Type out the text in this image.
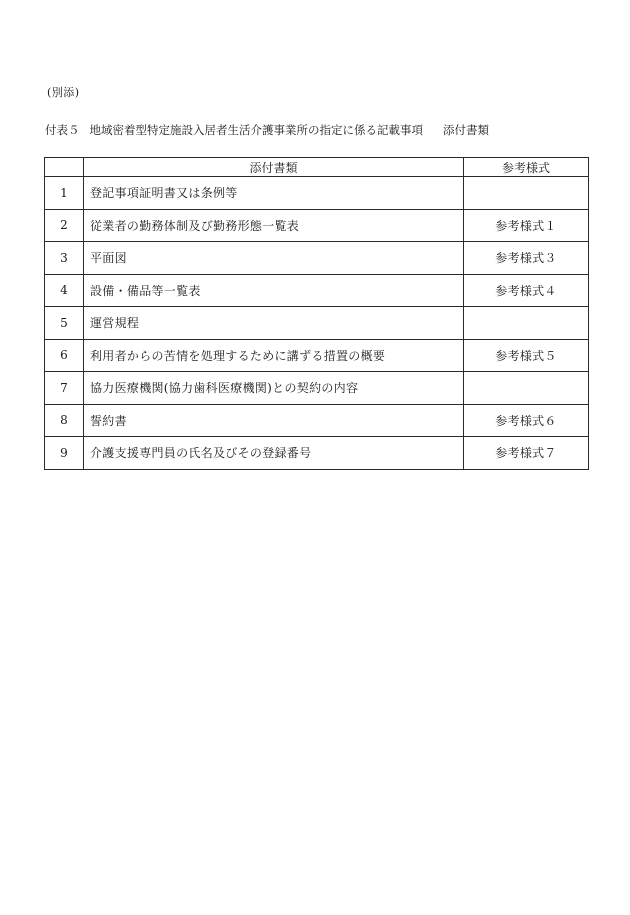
(別添)
付表５ 地域密着型特定施設入居者生活介護事業所の指定に係る記載事項 添付書類
	添付書類	参考様式
1	登記事項証明書又は条例等	
2	従業者の勤務体制及び勤務形態一覧表	参考様式１
3	平面図	参考様式３
4	設備・備品等一覧表	参考様式４
5	運営規程	
6	利用者からの苦情を処理するために講ずる措置の概要	参考様式５
7	協力医療機関(協力歯科医療機関)との契約の内容	
8	誓約書	参考様式６
9	介護支援専門員の氏名及びその登録番号	参考様式７
